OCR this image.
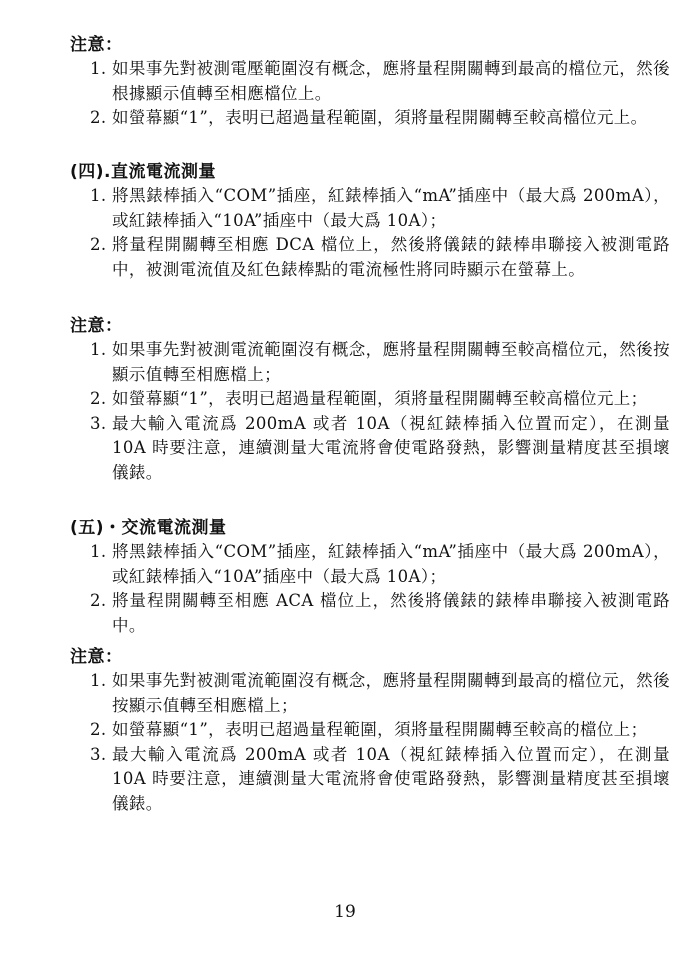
注意：
1. 如果事先對被測電壓範圍沒有概念，應將量程開關轉到最高的檔位元，然後根據顯示值轉至相應檔位上。
2. 如螢幕顯“1”，表明已超過量程範圍，須將量程開關轉至較高檔位元上。
(四).直流電流測量
1. 將黑錶棒插入“COM”插座，紅錶棒插入“mA”插座中（最大爲 200mA），或紅錶棒插入“10A”插座中（最大爲 10A）；
2. 將量程開關轉至相應 DCA 檔位上，然後將儀錶的錶棒串聯接入被測電路中，被測電流值及紅色錶棒點的電流極性將同時顯示在螢幕上。
注意：
1. 如果事先對被測電流範圍沒有概念，應將量程開關轉至較高檔位元，然後按顯示值轉至相應檔上；
2. 如螢幕顯“1”，表明已超過量程範圍，須將量程開關轉至較高檔位元上；
3. 最大輸入電流爲 200mA 或者 10A（視紅錶棒插入位置而定），在測量 10A 時要注意，連續測量大電流將會使電路發熱，影響測量精度甚至損壞儀錶。
(五)・交流電流測量
1. 將黑錶棒插入“COM”插座，紅錶棒插入“mA”插座中（最大爲 200mA），或紅錶棒插入“10A”插座中（最大爲 10A）；
2. 將量程開關轉至相應 ACA 檔位上，然後將儀錶的錶棒串聯接入被測電路中。
注意：
1. 如果事先對被測電流範圍沒有概念，應將量程開關轉到最高的檔位元，然後按顯示值轉至相應檔上；
2. 如螢幕顯“1”，表明已超過量程範圍，須將量程開關轉至較高的檔位上；
3. 最大輸入電流爲 200mA 或者 10A（視紅錶棒插入位置而定），在測量 10A 時要注意，連續測量大電流將會使電路發熱，影響測量精度甚至損壞儀錶。
19
